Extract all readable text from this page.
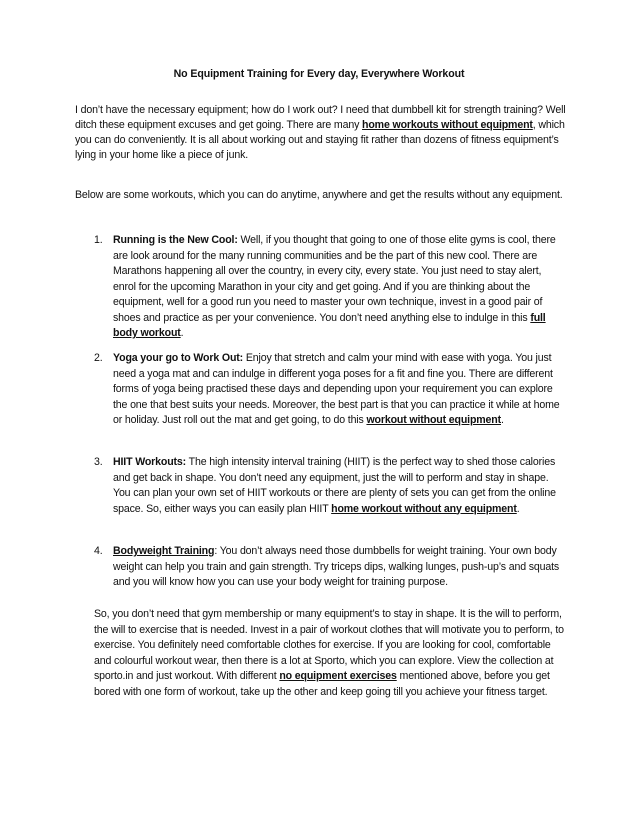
No Equipment Training for Every day, Everywhere Workout

I don’t have the necessary equipment; how do I work out? I need that dumbbell kit for strength training? Well ditch these equipment excuses and get going. There are many home workouts without equipment, which you can do conveniently. It is all about working out and staying fit rather than dozens of fitness equipment’s lying in your home like a piece of junk.

Below are some workouts, which you can do anytime, anywhere and get the results without any equipment.

1. Running is the New Cool: Well, if you thought that going to one of those elite gyms is cool, there are look around for the many running communities and be the part of this new cool. There are Marathons happening all over the country, in every city, every state. You just need to stay alert, enrol for the upcoming Marathon in your city and get going. And if you are thinking about the equipment, well for a good run you need to master your own technique, invest in a good pair of shoes and practice as per your convenience. You don’t need anything else to indulge in this full body workout.
2. Yoga your go to Work Out: Enjoy that stretch and calm your mind with ease with yoga. You just need a yoga mat and can indulge in different yoga poses for a fit and fine you. There are different forms of yoga being practised these days and depending upon your requirement you can explore the one that best suits your needs. Moreover, the best part is that you can practice it while at home or holiday. Just roll out the mat and get going, to do this workout without equipment.
3. HIIT Workouts: The high intensity interval training (HIIT) is the perfect way to shed those calories and get back in shape. You don’t need any equipment, just the will to perform and stay in shape. You can plan your own set of HIIT workouts or there are plenty of sets you can get from the online space. So, either ways you can easily plan HIIT home workout without any equipment.
4. Bodyweight Training: You don’t always need those dumbbells for weight training. Your own body weight can help you train and gain strength. Try triceps dips, walking lunges, push-up’s and squats and you will know how you can use your body weight for training purpose.

So, you don’t need that gym membership or many equipment’s to stay in shape. It is the will to perform, the will to exercise that is needed. Invest in a pair of workout clothes that will motivate you to perform, to exercise. You definitely need comfortable clothes for exercise. If you are looking for cool, comfortable and colourful workout wear, then there is a lot at Sporto, which you can explore. View the collection at sporto.in and just workout. With different no equipment exercises mentioned above, before you get bored with one form of workout, take up the other and keep going till you achieve your fitness target.
